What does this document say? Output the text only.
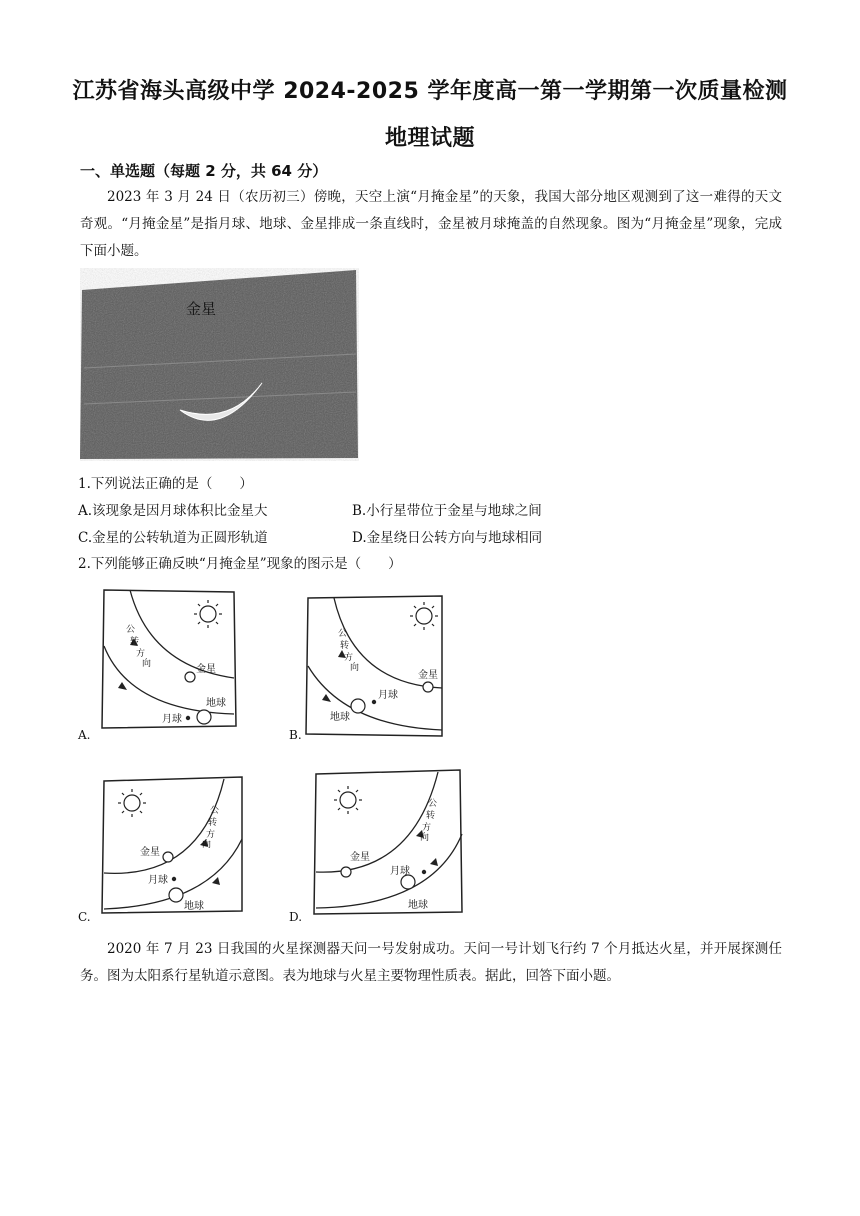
江苏省海头高级中学 2024-2025 学年度高一第一学期第一次质量检测
地理试题
一、单选题（每题 2 分，共 64 分）
2023 年 3 月 24 日（农历初三）傍晚，天空上演“月掩金星”的天象，我国大部分地区观测到了这一难得的天文奇观。“月掩金星”是指月球、地球、金星排成一条直线时，金星被月球掩盖的自然现象。图为“月掩金星”现象，完成下面小题。
金星
1.下列说法正确的是（　　）
A.该现象是因月球体积比金星大	B.小行星带位于金星与地球之间
C.金星的公转轨道为正圆形轨道	D.金星绕日公转方向与地球相同
2.下列能够正确反映“月掩金星”现象的图示是（　　）
金星
地球
月球
公
转
方
向
A.
金星
地球
月球
公
转
方
向
B.
金星
地球
月球
公
转
方
向
C.
金星
地球
月球
公
转
方
向
D.
2020 年 7 月 23 日我国的火星探测器天问一号发射成功。天问一号计划飞行约 7 个月抵达火星，并开展探测任务。图为太阳系行星轨道示意图。表为地球与火星主要物理性质表。据此，回答下面小题。
